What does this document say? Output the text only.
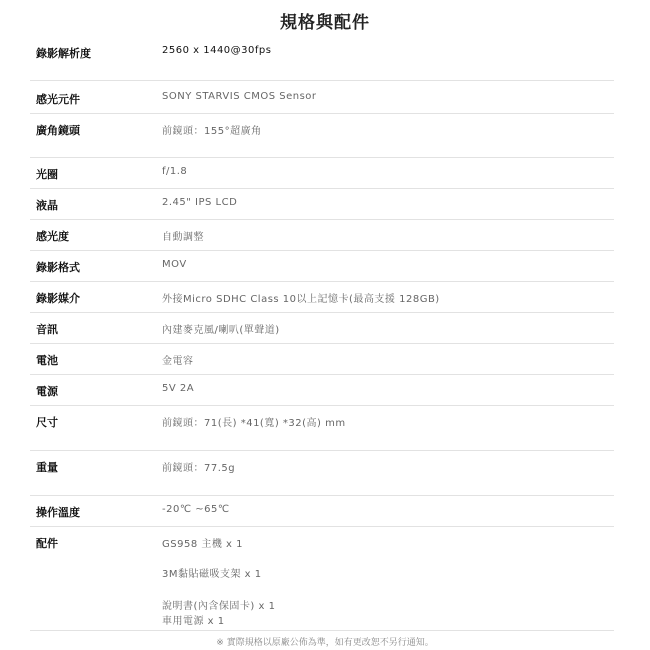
規格與配件
錄影解析度	2560 x 1440@30fps
感光元件	SONY STARVIS CMOS Sensor
廣角鏡頭	前鏡頭：155°超廣角
光圈	f/1.8
液晶	2.45" IPS LCD
感光度	自動調整
錄影格式	MOV
錄影媒介	外接Micro SDHC Class 10以上記憶卡(最高支援 128GB)
音訊	內建麥克風/喇叭(單聲道)
電池	金電容
電源	5V 2A
尺寸	前鏡頭：71(長) *41(寬) *32(高) mm
重量	前鏡頭：77.5g
操作溫度	-20℃ ~65℃
配件	GS958 主機 x 1
3M黏貼磁吸支架 x 1
說明書(內含保固卡) x 1
車用電源 x 1
※ 實際規格以原廠公佈為準，如有更改恕不另行通知。
